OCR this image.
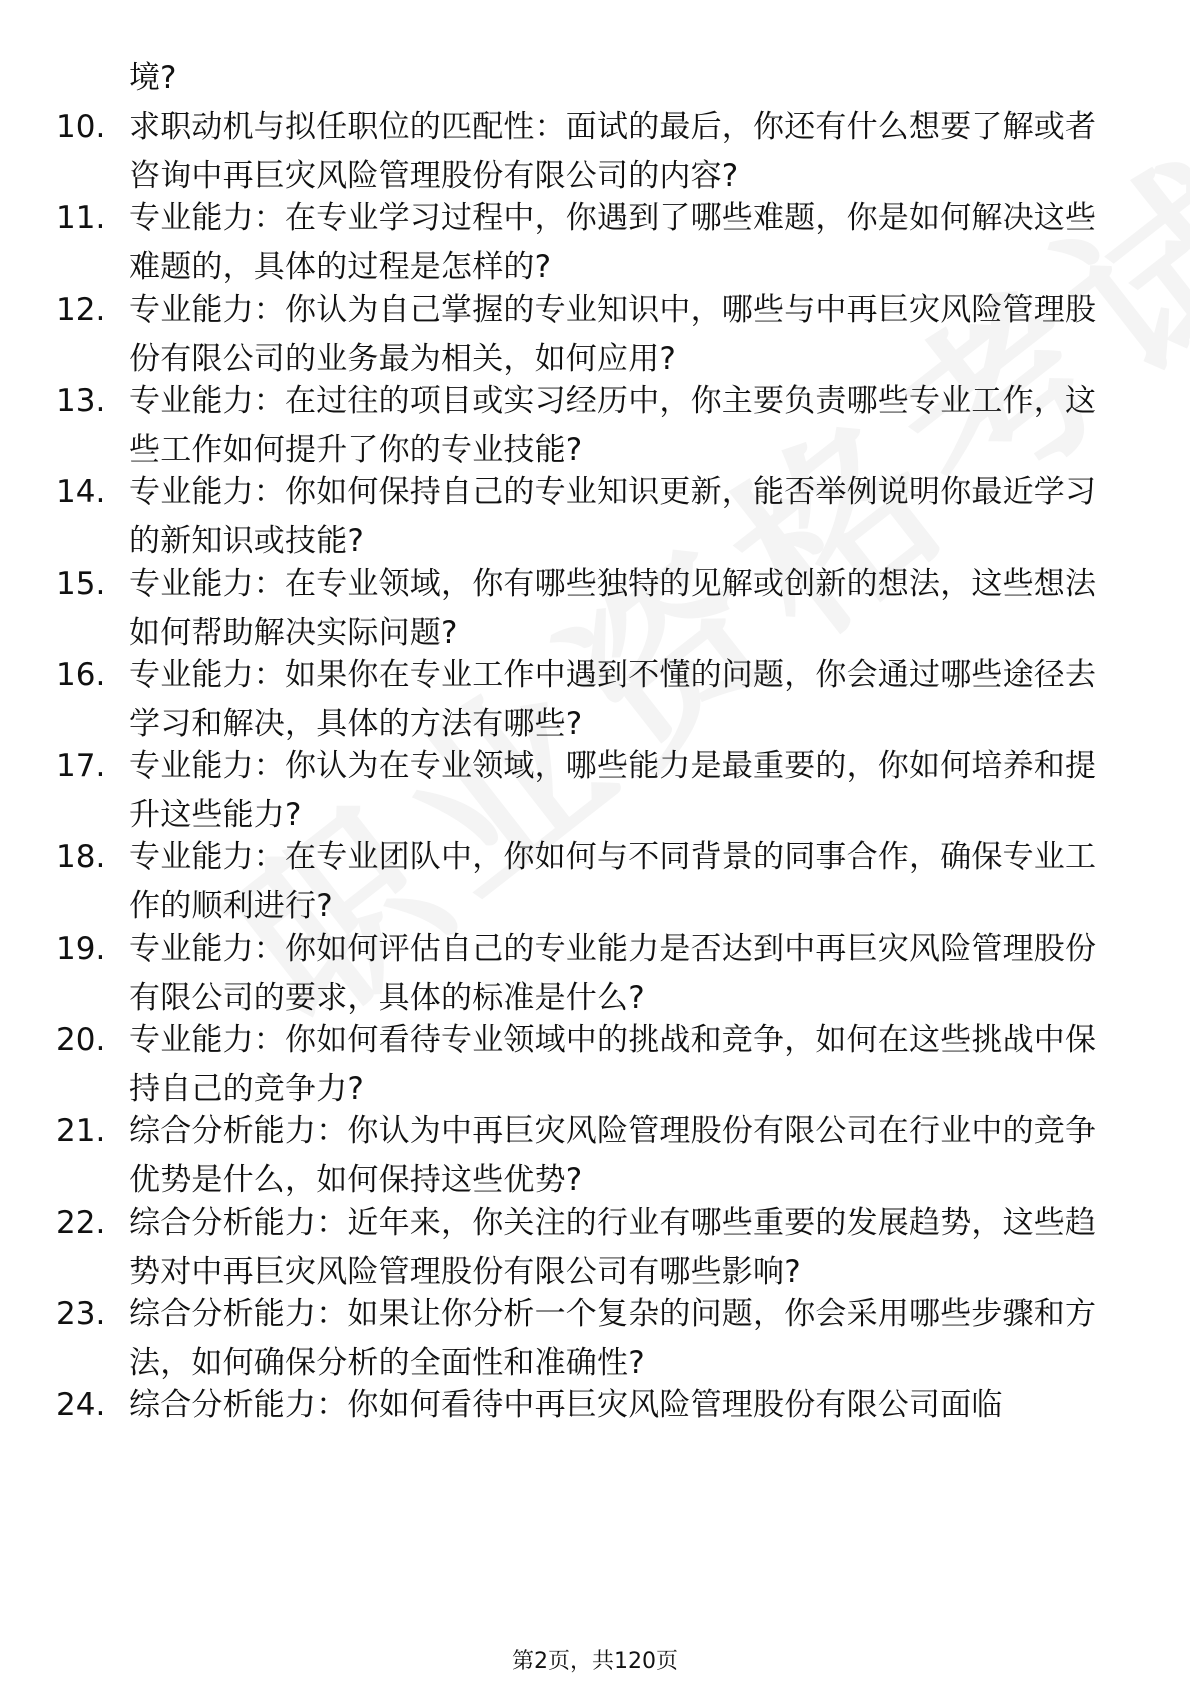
境?
10. 求职动机与拟任职位的匹配性：面试的最后，你还有什么想要了解或者咨询中再巨灾风险管理股份有限公司的内容?
11. 专业能力：在专业学习过程中，你遇到了哪些难题，你是如何解决这些难题的，具体的过程是怎样的?
12. 专业能力：你认为自己掌握的专业知识中，哪些与中再巨灾风险管理股份有限公司的业务最为相关，如何应用?
13. 专业能力：在过往的项目或实习经历中，你主要负责哪些专业工作，这些工作如何提升了你的专业技能?
14. 专业能力：你如何保持自己的专业知识更新，能否举例说明你最近学习的新知识或技能?
15. 专业能力：在专业领域，你有哪些独特的见解或创新的想法，这些想法如何帮助解决实际问题?
16. 专业能力：如果你在专业工作中遇到不懂的问题，你会通过哪些途径去学习和解决，具体的方法有哪些?
17. 专业能力：你认为在专业领域，哪些能力是最重要的，你如何培养和提升这些能力?
18. 专业能力：在专业团队中，你如何与不同背景的同事合作，确保专业工作的顺利进行?
19. 专业能力：你如何评估自己的专业能力是否达到中再巨灾风险管理股份有限公司的要求，具体的标准是什么?
20. 专业能力：你如何看待专业领域中的挑战和竞争，如何在这些挑战中保持自己的竞争力?
21. 综合分析能力：你认为中再巨灾风险管理股份有限公司在行业中的竞争优势是什么，如何保持这些优势?
22. 综合分析能力：近年来，你关注的行业有哪些重要的发展趋势，这些趋势对中再巨灾风险管理股份有限公司有哪些影响?
23. 综合分析能力：如果让你分析一个复杂的问题，你会采用哪些步骤和方法，如何确保分析的全面性和准确性?
24. 综合分析能力：你如何看待中再巨灾风险管理股份有限公司面临
第2页，共120页
